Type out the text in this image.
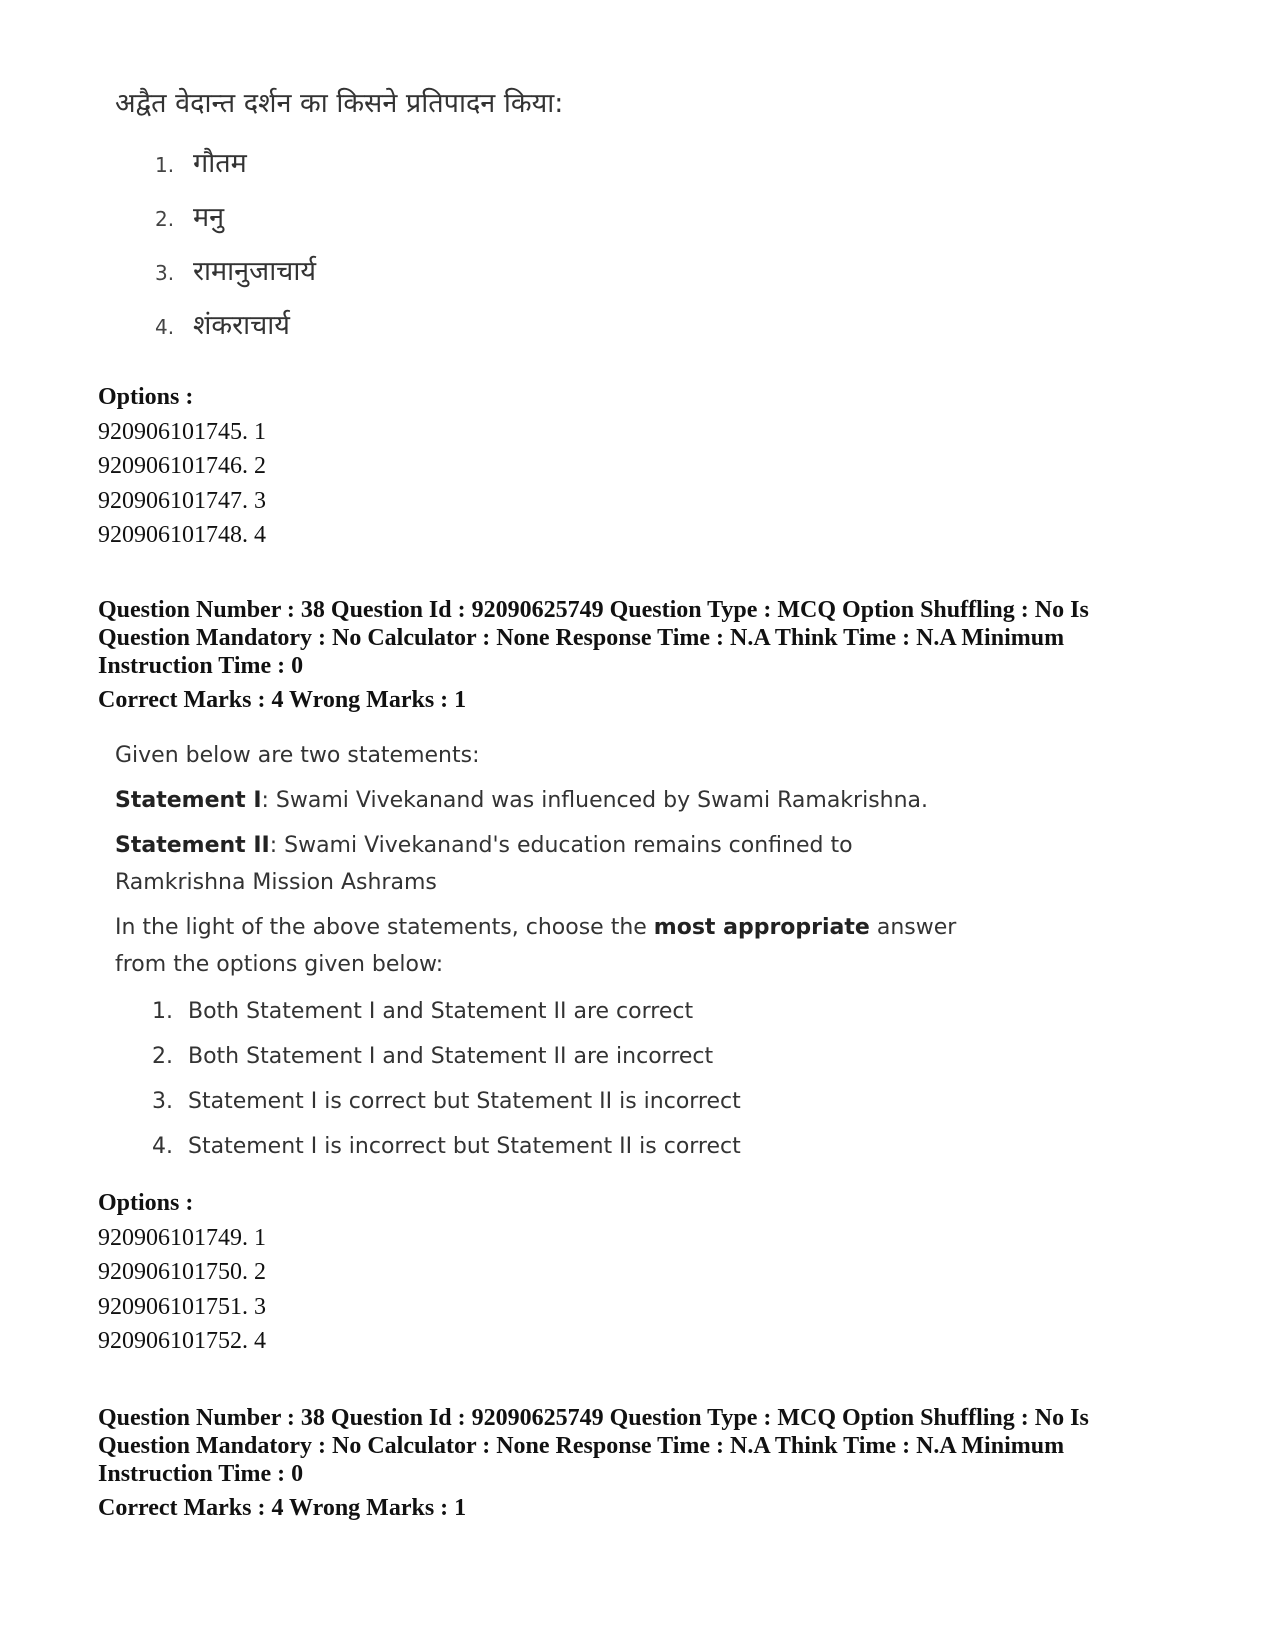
अद्वैत वेदान्त दर्शन का किसने प्रतिपादन किया:

1. गौतम
2. मनु
3. रामानुजाचार्य
4. शंकराचार्य
Options :
920906101745. 1
920906101746. 2
920906101747. 3
920906101748. 4
Question Number : 38 Question Id : 92090625749 Question Type : MCQ Option Shuffling : No Is
Question Mandatory : No Calculator : None Response Time : N.A Think Time : N.A Minimum
Instruction Time : 0
Correct Marks : 4 Wrong Marks : 1

Given below are two statements:

Statement I: Swami Vivekanand was influenced by Swami Ramakrishna.

Statement II: Swami Vivekanand's education remains confined to

Ramkrishna Mission Ashrams

In the light of the above statements, choose the most appropriate answer

from the options given below:

1. Both Statement I and Statement II are correct
2. Both Statement I and Statement II are incorrect
3. Statement I is correct but Statement II is incorrect
4. Statement I is incorrect but Statement II is correct
Options :
920906101749. 1
920906101750. 2
920906101751. 3
920906101752. 4
Question Number : 38 Question Id : 92090625749 Question Type : MCQ Option Shuffling : No Is
Question Mandatory : No Calculator : None Response Time : N.A Think Time : N.A Minimum
Instruction Time : 0
Correct Marks : 4 Wrong Marks : 1
